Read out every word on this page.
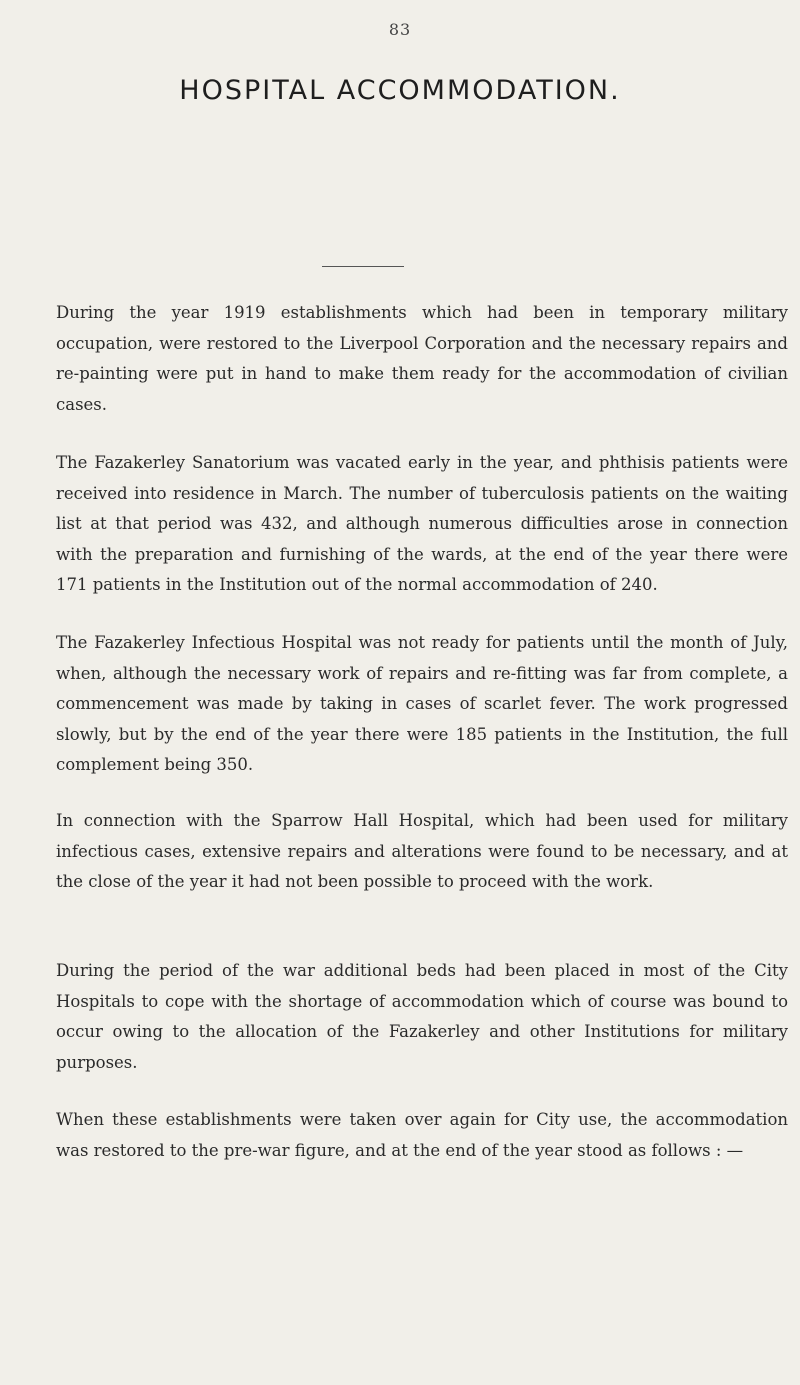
83
HOSPITAL ACCOMMODATION.

During the year 1919 establishments which had been in temporary military occupation, were restored to the Liverpool Corporation and the necessary repairs and re-painting were put in hand to make them ready for the accommodation of civilian cases.

The Fazakerley Sanatorium was vacated early in the year, and phthisis patients were received into residence in March. The number of tuberculosis patients on the waiting list at that period was 432, and although numerous difficulties arose in connection with the preparation and furnishing of the wards, at the end of the year there were 171 patients in the Institution out of the normal accommodation of 240.

The Fazakerley Infectious Hospital was not ready for patients until the month of July, when, although the necessary work of repairs and re-fitting was far from complete, a commencement was made by taking in cases of scarlet fever. The work progressed slowly, but by the end of the year there were 185 patients in the Institution, the full complement being 350.

In connection with the Sparrow Hall Hospital, which had been used for military infectious cases, extensive repairs and alterations were found to be necessary, and at the close of the year it had not been possible to proceed with the work.

During the period of the war additional beds had been placed in most of the City Hospitals to cope with the shortage of accommodation which of course was bound to occur owing to the allocation of the Fazakerley and other Institutions for military purposes.

When these establishments were taken over again for City use, the accommodation was restored to the pre-war figure, and at the end of the year stood as follows : —
